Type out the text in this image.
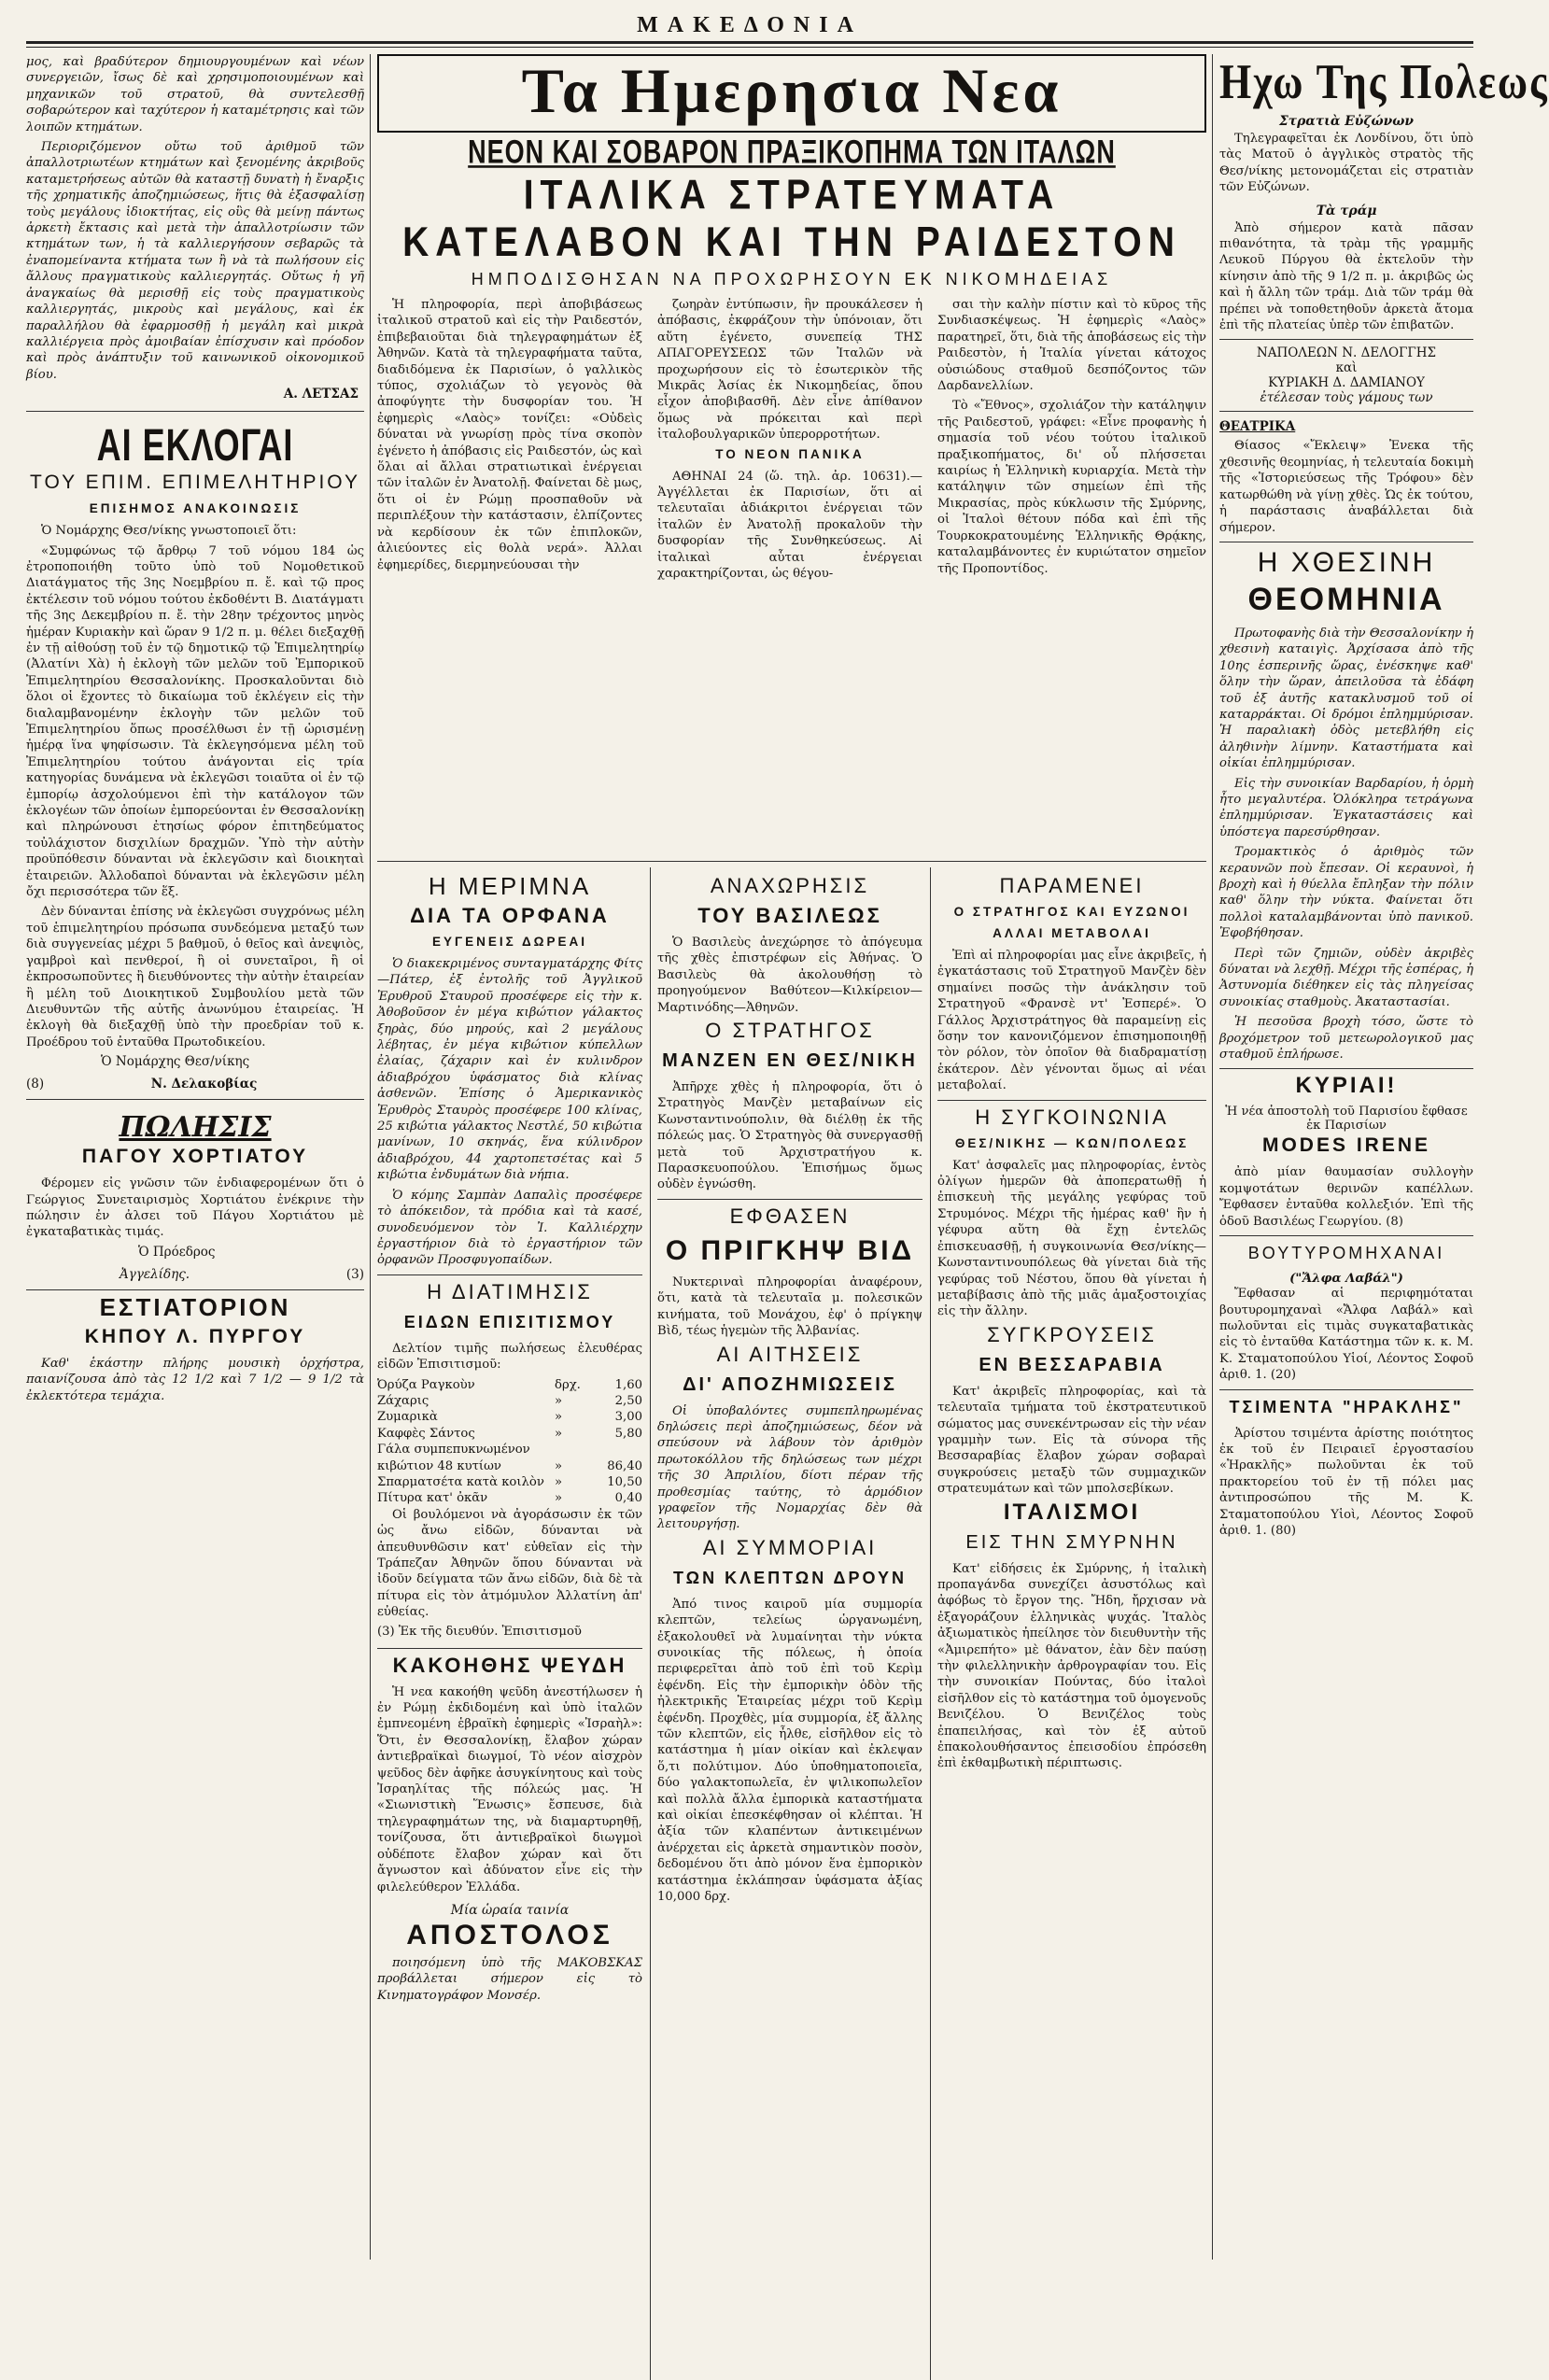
ΜΑΚΕΔΟΝΙΑ

μος, καὶ βραδύτερον δημιουργουμένων καὶ νέων συνεργειῶν, ἴσως δὲ καὶ χρησιμοποιουμένων καὶ μηχανικῶν τοῦ στρατοῦ, θὰ συντελεσθῇ σοβαρώτερον καὶ ταχύτερον ἡ καταμέτρησις καὶ τῶν λοιπῶν κτημάτων.

Περιοριζόμενον οὕτω τοῦ ἀριθμοῦ τῶν ἀπαλλοτριωτέων κτημάτων καὶ ξενομένης ἀκριβοῦς καταμετρήσεως αὐτῶν θὰ καταστῇ δυνατὴ ἡ ἔναρξις τῆς χρηματικῆς ἀποζημιώσεως, ἥτις θὰ ἐξασφαλίσῃ τοὺς μεγάλους ἰδιοκτήτας, εἰς οὓς θὰ μείνῃ πάντως ἀρκετὴ ἔκτασις καὶ μετὰ τὴν ἀπαλλοτρίωσιν τῶν κτημάτων των, ἡ τὰ καλλιεργήσουν σεβαρῶς τὰ ἐναπομείναντα κτήματα των ἢ νὰ τὰ πωλήσουν εἰς ἄλλους πραγματικοὺς καλλιεργητάς. Οὕτως ἡ γῆ ἀναγκαίως θὰ μερισθῇ εἰς τοὺς πραγματικοὺς καλλιεργητάς, μικροὺς καὶ μεγάλους, καὶ ἐκ παραλλήλου θὰ ἐφαρμοσθῇ ἡ μεγάλη καὶ μικρὰ καλλιέργεια πρὸς ἀμοιβαίαν ἐπίσχυσιν καὶ πρόοδον καὶ πρὸς ἀνάπτυξιν τοῦ καινωνικοῦ οἰκονομικοῦ βίου.

Α. ΛΕΤΣΑΣ
ΑΙ ΕΚΛΟΓΑΙ
ΤΟΥ ΕΠΙΜ. ΕΠΙΜΕΛΗΤΗΡΙΟΥ
ΕΠΙΣΗΜΟΣ ΑΝΑΚΟΙΝΩΣΙΣ

Ὁ Νομάρχης Θεσ/νίκης γνωστοποιεῖ ὅτι:

«Συμφώνως τῷ ἄρθρῳ 7 τοῦ νόμου 184 ὡς ἐτροποποιήθη τοῦτο ὑπὸ τοῦ Νομοθετικοῦ Διατάγματος τῆς 3ης Νοεμβρίου π. ἔ. καὶ τῷ προς ἐκτέλεσιν τοῦ νόμου τούτου ἐκδοθέντι Β. Διατάγματι τῆς 3ης Δεκεμβρίου π. ἔ. τὴν 28ην τρέχοντος μηνὸς ἡμέραν Κυριακὴν καὶ ὥραν 9 1/2 π. μ. θέλει διεξαχθῇ ἐν τῇ αἰθούσῃ τοῦ ἐν τῷ δημοτικῷ τῷ Ἐπιμελητηρίῳ (Ἀλατίνι Χὰ) ἡ ἐκλογὴ τῶν μελῶν τοῦ Ἐμπορικοῦ Ἐπιμελητηρίου Θεσσαλονίκης. Προσκαλοῦνται διὸ ὅλοι οἱ ἔχοντες τὸ δικαίωμα τοῦ ἐκλέγειν εἰς τὴν διαλαμβανομένην ἐκλογὴν τῶν μελῶν τοῦ Ἐπιμελητηρίου ὅπως προσέλθωσι ἐν τῇ ὡρισμένῃ ἡμέρᾳ ἵνα ψηφίσωσιν. Τὰ ἐκλεγησόμενα μέλη τοῦ Ἐπιμελητηρίου τούτου ἀνάγονται εἰς τρία κατηγορίας δυνάμενα νὰ ἐκλεγῶσι τοιαῦτα οἱ ἐν τῷ ἐμπορίῳ ἀσχολούμενοι ἐπὶ τὴν κατάλογον τῶν ἐκλογέων τῶν ὁποίων ἐμπορεύονται ἐν Θεσσαλονίκῃ καὶ πληρώνουσι ἐτησίως φόρον ἐπιτηδεύματος τοὐλάχιστον δισχιλίων δραχμῶν. Ὑπὸ τὴν αὐτὴν προϋπόθεσιν δύνανται νὰ ἐκλεγῶσιν καὶ διοικηταὶ ἑταιρειῶν. Ἀλλοδαποὶ δύνανται νὰ ἐκλεγῶσιν μέλη ὄχι περισσότερα τῶν ἕξ.

Δὲν δύνανται ἐπίσης νὰ ἐκλεγῶσι συγχρόνως μέλη τοῦ ἑπιμελητηρίου πρόσωπα συνδεόμενα μεταξύ των διὰ συγγενείας μέχρι 5 βαθμοῦ, ὁ θεῖος καὶ ἀνεψιὸς, γαμβροὶ καὶ πενθεροί, ἢ οἱ συνεταῖροι, ἢ οἱ ἐκπροσωποῦντες ἢ διευθύνοντες τὴν αὐτὴν ἑταιρείαν ἢ μέλη τοῦ Διοικητικοῦ Συμβουλίου μετὰ τῶν Διευθυντῶν τῆς αὐτῆς ἀνωνύμου ἑταιρείας. Ἡ ἐκλογὴ θὰ διεξαχθῇ ὑπὸ τὴν προεδρίαν τοῦ κ. Προέδρου τοῦ ἐνταῦθα Πρωτοδικείου.

Ὁ Νομάρχης Θεσ/νίκης
(8)	Ν. Δελακοβίας
ΠΩΛΗΣΙΣ
ΠΑΓΟΥ ΧΟΡΤΙΑΤΟΥ

Φέρομεν εἰς γνῶσιν τῶν ἐνδιαφερομένων ὅτι ὁ Γεώργιος Συνεταιρισμὸς Χορτιάτου ἐνέκρινε τὴν πώλησιν ἐν ἀλσει τοῦ Πάγου Χορτιάτου μὲ ἐγκαταβατικὰς τιμάς.

Ὁ Πρόεδρος
Ἀγγελίδης.	(3)
ΕΣΤΙΑΤΟΡΙΟΝ
ΚΗΠΟΥ Λ. ΠΥΡΓΟΥ

Καθ' ἑκάστην πλήρης μουσικὴ ὀρχήστρα, παιανίζουσα ἀπὸ τὰς 12 1/2 καὶ 7 1/2 — 9 1/2 τὰ ἐκλεκτότερα τεμάχια.

Τα Ημερησια Νεα
ΝΕΟΝ ΚΑΙ ΣΟΒΑΡΟΝ ΠΡΑΞΙΚΟΠΗΜΑ ΤΩΝ ΙΤΑΛΩΝ
ΙΤΑΛΙΚΑ ΣΤΡΑΤΕΥΜΑΤΑ ΚΑΤΕΛΑΒΟΝ ΚΑΙ ΤΗΝ ΡΑΙΔΕΣΤΟΝ
ΗΜΠΟΔΙΣΘΗΣΑΝ ΝΑ ΠΡΟΧΩΡΗΣΟΥΝ ΕΚ ΝΙΚΟΜΗΔΕΙΑΣ

Ἡ πληροφορία, περὶ ἀποβιβάσεως ἰταλικοῦ στρατοῦ καὶ εἰς τὴν Ραιδεστόν, ἐπιβεβαιοῦται διὰ τηλεγραφημάτων ἐξ Ἀθηνῶν. Κατὰ τὰ τηλεγραφήματα ταῦτα, διαδιδόμενα ἐκ Παρισίων, ὁ γαλλικὸς τύπος, σχολιάζων τὸ γεγονὸς θὰ ἀποφύγητε τὴν δυσφορίαν του. Ἡ ἐφημερὶς «Λαὸς» τονίζει: «Οὐδεὶς δύναται νὰ γνωρίσῃ πρὸς τίνα σκοπὸν ἐγένετο ἡ ἀπόβασις εἰς Ραιδεστόν, ὡς καὶ ὅλαι αἱ ἄλλαι στρατιωτικαὶ ἐνέργειαι τῶν ἰταλῶν ἐν Ἀνατολῇ. Φαίνεται δὲ μως, ὅτι οἱ ἐν Ρώμῃ προσπαθοῦν νὰ περιπλέξουν τὴν κατάστασιν, ἐλπίζοντες νὰ κερδίσουν ἐκ τῶν ἐπιπλοκῶν, ἀλιεύοντες εἰς θολὰ νερά». Ἀλλαι ἐφημερίδες, διερμηνεύουσαι τὴν

ζωηρὰν ἐντύπωσιν, ἣν προυκάλεσεν ἡ ἀπόβασις, ἐκφράζουν τὴν ὑπόνοιαν, ὅτι αὕτη ἐγένετο, συνεπείᾳ ΤΗΣ ΑΠΑΓΟΡΕΥΣΕΩΣ τῶν Ἰταλῶν νὰ προχωρήσουν εἰς τὸ ἐσωτερικὸν τῆς Μικρᾶς Ἀσίας ἐκ Νικομηδείας, ὅπου εἶχον ἀποβιβασθῆ. Δὲν εἶνε ἀπίθανον ὅμως νὰ πρόκειται καὶ περὶ ἰταλοβουλγαρικῶν ὑπερορροτήτων.

ΤΟ ΝΕΟΝ ΠΑΝΙΚΑ

ΑΘΗΝΑΙ 24 (ὥ. τηλ. ἀρ. 10631).— Ἀγγέλλεται ἐκ Παρισίων, ὅτι αἱ τελευταῖαι ἀδιάκριτοι ἐνέργειαι τῶν ἰταλῶν ἐν Ἀνατολῇ προκαλοῦν τὴν δυσφορίαν τῆς Συνθηκεύσεως. Αἱ ἰταλικαὶ αὗται ἐνέργειαι χαρακτηρίζονται, ὡς θέγου-

σαι τὴν καλὴν πίστιν καὶ τὸ κῦρος τῆς Συνδιασκέψεως. Ἡ ἐφημερὶς «Λαὸς» παρατηρεῖ, ὅτι, διὰ τῆς ἀποβάσεως εἰς τὴν Ραιδεστὸν, ἡ Ἰταλία γίνεται κάτοχος οὐσιώδους σταθμοῦ δεσπόζοντος τῶν Δαρδανελλίων.

Τὸ «Ἔθνος», σχολιάζον τὴν κατάληψιν τῆς Ραιδεστοῦ, γράφει: «Εἶνε προφανὴς ἡ σημασία τοῦ νέου τούτου ἰταλικοῦ πραξικοπήματος, δι' οὗ πλήσσεται καιρίως ἡ Ἑλληνικὴ κυριαρχία. Μετὰ τὴν κατάληψιν τῶν σημείων ἐπὶ τῆς Μικρασίας, πρὸς κύκλωσιν τῆς Σμύρνης, οἱ Ἰταλοὶ θέτουν πόδα καὶ ἐπὶ τῆς Τουρκοκρατουμένης Ἑλληνικῆς Θρᾴκης, καταλαμβάνοντες ἐν κυριώτατον σημεῖον τῆς Προποντίδος.

Η ΜΕΡΙΜΝΑ
ΔΙΑ ΤΑ ΟΡΦΑΝΑ
ΕΥΓΕΝΕΙΣ ΔΩΡΕΑΙ

Ὁ διακεκριμένος συνταγματάρχης Φίτς—Πάτερ, ἐξ ἐντολῆς τοῦ Ἀγγλικοῦ Ἐρυθροῦ Σταυροῦ προσέφερε εἰς τὴν κ. Ἀθοβοῦσον ἐν μέγα κιβώτιον γάλακτος ξηρὰς, δύο μηρούς, καὶ 2 μεγάλους λέβητας, ἐν μέγα κιβώτιον κύπελλων ἐλαίας, ζάχαριν καὶ ἐν κυλινδρον ἀδιαβρόχου ὑφάσματος διὰ κλίνας ἀσθενῶν. Ἐπίσης ὁ Ἀμερικανικὸς Ἐρυθρὸς Σταυρὸς προσέφερε 100 κλίνας, 25 κιβώτια γάλακτος Νεστλέ, 50 κιβώτια μανίνων, 10 σκηνάς, ἕνα κύλινδρον ἀδιαβρόχου, 44 χαρτοπετσέτας καὶ 5 κιβώτια ἐνδυμάτων διὰ νήπια.

Ὁ κόμης Σαμπὰν Δαπαλὶς προσέφερε τὸ ἀπόκειδον, τὰ πρόδια καὶ τὰ κασέ, συνοδευόμενον τὸν Ἰ. Καλλιέρχην ἐργαστήριον διὰ τὸ ἐργαστήριον τῶν ὀρφανῶν Προσφυγοπαίδων.

Η ΔΙΑΤΙΜΗΣΙΣ
ΕΙΔΩΝ ΕΠΙΣΙΤΙΣΜΟΥ

Δελτίον τιμῆς πωλήσεως ἐλευθέρας εἰδῶν Ἐπισιτισμοῦ:

Ὀρύζα Ραγκοὺν	δρχ.	1,60
Ζάχαρις	»	2,50
Ζυμαρικὰ	»	3,00
Καφφὲς Σάντος	»	5,80
Γάλα συμπεπυκνωμένον
κιβώτιον 48 κυτίων	»	86,40
Σπαρματσέτα κατὰ κοιλὸν »	10,50
Πίτυρα κατ' ὀκᾶν	»	0,40

Οἱ βουλόμενοι νὰ ἀγοράσωσιν ἐκ τῶν ὡς ἄνω εἰδῶν, δύνανται νὰ ἀπευθυνθῶσιν κατ' εὐθεῖαν εἰς τὴν Τράπεζαν Ἀθηνῶν ὅπου δύνανται νὰ ἰδοῦν δείγματα τῶν ἄνω εἰδῶν, διὰ δὲ τὰ πίτυρα εἰς τὸν ἀτμόμυλον Ἀλλατίνη ἀπ' εὐθείας.

(3) Ἐκ τῆς διευθύν. Ἐπισιτισμοῦ
ΚΑΚΟΗΘΗΣ ΨΕΥΔΗ

Ἡ νεα κακοήθη ψεῦδη ἀνεστήλωσεν ἡ ἐν Ρώμῃ ἐκδιδομένη καὶ ὑπὸ ἰταλῶν ἐμπνεομένη ἑβραϊκὴ ἐφημερὶς «Ἰσραὴλ»: Ὅτι, ἐν Θεσσαλονίκῃ, ἔλαβον χώραν ἀντιεβραϊκαὶ διωγμοί, Τὸ νέον αἰσχρὸν ψεῦδος δὲν ἀφῆκε ἀσυγκίνητους καὶ τοὺς Ἰσραηλίτας τῆς πόλεώς μας. Ἡ «Σιωνιστικὴ Ἕνωσις» ἔσπευσε, διὰ τηλεγραφημάτων της, νὰ διαμαρτυρηθῇ, τονίζουσα, ὅτι ἀντιεβραϊκοὶ διωγμοὶ οὐδέποτε ἔλαβον χώραν καὶ ὅτι ἄγνωστον καὶ ἀδύνατον εἶνε εἰς τὴν φιλελεύθερον Ἑλλάδα.

Μία ὡραία ταινία
ΑΠΟΣΤΟΛΟΣ

ποιησόμενη ὑπὸ τῆς ΜΑΚΟΒΣΚΑΣ προβάλλεται σήμερον εἰς τὸ Κινηματογράφον Μονσέρ.

ΑΝΑΧΩΡΗΣΙΣ
ΤΟΥ ΒΑΣΙΛΕΩΣ

Ὁ Βασιλεὺς ἀνεχώρησε τὸ ἀπόγευμα τῆς χθὲς ἐπιστρέφων εἰς Ἀθήνας. Ὁ Βασιλεὺς θὰ ἀκολουθήσῃ τὸ προηγούμενον Βαθύτεον—Κιλκίρειον—Μαρτινόδης—Ἀθηνῶν.

Ο ΣΤΡΑΤΗΓΟΣ
ΜΑΝΖΕΝ ΕΝ ΘΕΣ/ΝΙΚΗ

Ἀπῆρχε χθὲς ἡ πληροφορία, ὅτι ὁ Στρατηγὸς Μανζὲν μεταβαίνων εἰς Κωνσταντινούπολιν, θὰ διέλθῃ ἐκ τῆς πόλεώς μας. Ὁ Στρατηγὸς θὰ συνεργασθῇ μετὰ τοῦ Ἀρχιστρατήγου κ. Παρασκευοπούλου. Ἐπισήμως ὅμως οὐδὲν ἐγνώσθη.

ΕΦΘΑΣΕΝ
Ο ΠΡΙΓΚΗΨ ΒΙΔ

Νυκτεριναὶ πληροφορίαι ἀναφέρουν, ὅτι, κατὰ τὰ τελευταῖα μ. πολεσικῶν κινήματα, τοῦ Μονάχου, ἐφ' ὁ πρίγκηψ Βὶδ, τέως ἡγεμὼν τῆς Ἀλβανίας.

ΑΙ ΑΙΤΗΣΕΙΣ
ΔΙ' ΑΠΟΖΗΜΙΩΣΕΙΣ

Οἱ ὑποβαλόντες συμπεπληρωμένας δηλώσεις περὶ ἀποζημιώσεως, δέον νὰ σπεύσουν νὰ λάβουν τὸν ἀριθμὸν πρωτοκόλλου τῆς δηλώσεως των μέχρι τῆς 30 Ἀπριλίου, δίοτι πέραν τῆς προθεσμίας ταύτης, τὸ ἁρμόδιον γραφεῖον τῆς Νομαρχίας δὲν θὰ λειτουργήσῃ.

ΑΙ ΣΥΜΜΟΡΙΑΙ
ΤΩΝ ΚΛΕΠΤΩΝ ΔΡΟΥΝ

Ἀπό τινος καιροῦ μία συμμορία κλεπτῶν, τελείως ὡργανωμένη, ἐξακολουθεῖ νὰ λυμαίνηται τὴν νύκτα συνοικίας τῆς πόλεως, ἡ ὁποία περιφερεῖται ἀπὸ τοῦ ἐπὶ τοῦ Κερὶμ ἐφένδη. Εἰς τὴν ἐμπορικὴν ὁδὸν τῆς ἠλεκτρικῆς Ἑταιρείας μέχρι τοῦ Κερὶμ ἐφένδη. Προχθὲς, μία συμμορία, ἐξ ἄλλης τῶν κλεπτῶν, εἰς ἦλθε, εἰσῆλθον εἰς τὸ κατάστημα ἡ μίαν οἰκίαν καὶ ἐκλεψαν ὅ,τι πολύτιμον. Δύο ὑποθηματοποιεῖα, δύο γαλακτοπωλεῖα, ἐν ψιλικοπωλεῖον καὶ πολλὰ ἄλλα ἐμπορικὰ καταστήματα καὶ οἰκίαι ἐπεσκέφθησαν οἱ κλέπται. Ἡ ἀξία τῶν κλαπέντων ἀντικειμένων ἀνέρχεται εἰς ἀρκετὰ σημαντικὸν ποσὸν, δεδομένου ὅτι ἀπὸ μόνον ἕνα ἐμπορικὸν κατάστημα ἐκλάπησαν ὑφάσματα ἀξίας 10,000 δρχ.

ΠΑΡΑΜΕΝΕΙ
Ο ΣΤΡΑΤΗΓΟΣ ΚΑΙ ΕΥΖΩΝΟΙ
ΑΛΛΑΙ ΜΕΤΑΒΟΛΑΙ

Ἐπὶ αἱ πληροφορίαι μας εἶνε ἀκριβεῖς, ἡ ἐγκατάστασις τοῦ Στρατηγοῦ Μανζὲν δὲν σημαίνει ποσῶς τὴν ἀνάκλησιν τοῦ Στρατηγοῦ «Φρανσὲ ντ' Ἐσπερέ». Ὁ Γάλλος Ἀρχιστράτηγος θὰ παραμείνῃ εἰς ὅσην τον κανονιζόμενον ἐπισημοποιηθῇ τὸν ρόλον, τὸν ὁποῖον θὰ διαδραματίσῃ ἑκάτερον. Δὲν γένονται ὅμως αἱ νέαι μεταβολαί.

Η ΣΥΓΚΟΙΝΩΝΙΑ
ΘΕΣ/ΝΙΚΗΣ — ΚΩΝ/ΠΟΛΕΩΣ

Κατ' ἀσφαλεῖς μας πληροφορίας, ἐντὸς ὀλίγων ἡμερῶν θὰ ἀποπερατωθῇ ἡ ἐπισκευὴ τῆς μεγάλης γεφύρας τοῦ Στρυμόνος. Μέχρι τῆς ἡμέρας καθ' ἣν ἡ γέφυρα αὕτη θὰ ἔχῃ ἐντελῶς ἐπισκευασθῇ, ἡ συγκοινωνία Θεσ/νίκης—Κωνσταντινουπόλεως θὰ γίνεται διὰ τῆς γεφύρας τοῦ Νέστου, ὅπου θὰ γίνεται ἡ μεταβίβασις ἀπὸ τῆς μιᾶς ἁμαξοστοιχίας εἰς τὴν ἄλλην.

ΣΥΓΚΡΟΥΣΕΙΣ
ΕΝ ΒΕΣΣΑΡΑΒΙΑ

Κατ' ἀκριβεῖς πληροφορίας, καὶ τὰ τελευταῖα τμήματα τοῦ ἐκστρατευτικοῦ σώματος μας συνεκέντρωσαν εἰς τὴν νέαν γραμμὴν των. Εἰς τὰ σύνορα τῆς Βεσσαραβίας ἔλαβον χώραν σοβαραὶ συγκρούσεις μεταξὺ τῶν συμμαχικῶν στρατευμάτων καὶ τῶν μπολσεβίκων.

ΙΤΑΛΙΣΜΟΙ
ΕΙΣ ΤΗΝ ΣΜΥΡΝΗΝ

Κατ' εἰδήσεις ἐκ Σμύρνης, ἡ ἰταλικὴ προπαγάνδα συνεχίζει ἀσυστόλως καὶ ἀφόβως τὸ ἔργον της. Ἤδη, ἤρχισαν νὰ ἐξαγοράζουν ἑλληνικὰς ψυχάς. Ἰταλὸς ἀξιωματικὸς ἠπείλησε τὸν διευθυντὴν τῆς «Ἀμιρεπήτο» μὲ θάνατον, ἐὰν δὲν παύσῃ τὴν φιλελληνικὴν ἀρθρογραφίαν του. Εἰς τὴν συνοικίαν Πούντας, δύο ἰταλοὶ εἰσῆλθον εἰς τὸ κατάστημα τοῦ ὁμογενοῦς Βενιζέλου. Ὁ Βενιζέλος τοὺς ἐπαπειλήσας, καὶ τὸν ἐξ αὐτοῦ ἐπακολουθήσαντος ἐπεισοδίου ἐπρόσεθη ἐπὶ ἐκθαμβωτικὴ πέριπτωσις.

Ηχω Της Πολεως
Στρατιὰ Εὐζώνων

Τηλεγραφεῖται ἐκ Λονδίνου, ὅτι ὑπὸ τὰς Ματοῦ ὁ ἀγγλικὸς στρατὸς τῆς Θεσ/νίκης μετονομάζεται εἰς στρατιὰν τῶν Εὐζώνων.

Τὰ τράμ

Ἀπὸ σήμερον κατὰ πᾶσαν πιθανότητα, τὰ τρὰμ τῆς γραμμῆς Λευκοῦ Πύργου θὰ ἐκτελοῦν τὴν κίνησιν ἀπὸ τῆς 9 1/2 π. μ. ἀκριβῶς ὡς καὶ ἡ ἄλλη τῶν τράμ. Διὰ τῶν τράμ θὰ πρέπει νὰ τοποθετηθοῦν ἀρκετὰ ἄτομα ἐπὶ τῆς πλατείας ὑπὲρ τῶν ἐπιβατῶν.

ΝΑΠΟΛΕΩΝ Ν. ΔΕΛΟΓΓΗΣ
καὶ
ΚΥΡΙΑΚΗ Δ. ΔΑΜΙΑΝΟΥ
ἐτέλεσαν τοὺς γάμους των
ΘΕΑΤΡΙΚΑ

Θίασος «Ἔκλειψ» Ἐνεκα τῆς χθεσινῆς θεομηνίας, ἡ τελευταία δοκιμὴ τῆς «Ἱστοριεύσεως τῆς Τρόφου» δὲν κατωρθώθη νὰ γίνῃ χθὲς. Ὡς ἐκ τούτου, ἡ παράστασις ἀναβάλλεται διὰ σήμερον.

Η ΧΘΕΣΙΝΗ
ΘΕΟΜΗΝΙΑ

Πρωτοφανὴς διὰ τὴν Θεσσαλονίκην ἡ χθεσινὴ καταιγὶς. Ἀρχίσασα ἀπὸ τῆς 10ης ἑσπερινῆς ὥρας, ἐνέσκηψε καθ' ὅλην τὴν ὥραν, ἀπειλοῦσα τὰ ἐδάφη τοῦ ἐξ ἀυτῆς κατακλυσμοῦ τοῦ οἱ καταρράκται. Οἱ δρόμοι ἐπλημμύρισαν. Ἡ παραλιακὴ ὁδὸς μετεβλήθη εἰς ἀληθινὴν λίμνην. Καταστήματα καὶ οἰκίαι ἐπλημμύρισαν.

Εἰς τὴν συνοικίαν Βαρδαρίου, ἡ ὁρμὴ ἦτο μεγαλυτέρα. Ὁλόκληρα τετράγωνα ἐπλημμύρισαν. Ἐγκαταστάσεις καὶ ὑπόστεγα παρεσύρθησαν.

Τρομακτικὸς ὁ ἀριθμὸς τῶν κεραυνῶν ποὺ ἔπεσαν. Οἱ κεραυνοὶ, ἡ βροχὴ καὶ ἡ θύελλα ἔπληξαν τὴν πόλιν καθ' ὅλην τὴν νύκτα. Φαίνεται ὅτι πολλοὶ καταλαμβάνονται ὑπὸ πανικοῦ. Ἐφοβήθησαν.

Περὶ τῶν ζημιῶν, οὐδὲν ἀκριβὲς δύναται νὰ λεχθῇ. Μέχρι τῆς ἑσπέρας, ἡ Ἀστυνομία διέθηκεν εἰς τὰς πληγείσας συνοικίας σταθμοὺς. Ἀκαταστασίαι.

Ἡ πεσοῦσα βροχὴ τόσο, ὥστε τὸ βροχόμετρον τοῦ μετεωρολογικοῦ μας σταθμοῦ ἐπλήρωσε.

ΚΥΡΙΑΙ!
Ἡ νέα ἀποστολὴ τοῦ Παρισίου ἔφθασε ἐκ Παρισίων
MODES IRENE

ἀπὸ μίαν θαυμασίαν συλλογὴν κομψοτάτων θερινῶν καπέλλων. Ἔφθασεν ἐνταῦθα κολλεξιόν. Ἐπὶ τῆς ὁδοῦ Βασιλέως Γεωργίου. (8)

ΒΟΥΤΥΡΟΜΗΧΑΝΑΙ
("Ἄλφα Λαβάλ")

Ἔφθασαν αἱ περιφημόταται βουτυρομηχαναὶ «Ἄλφα Λαβάλ» καὶ πωλοῦνται εἰς τιμὰς συγκαταβατικὰς εἰς τὸ ἐνταῦθα Κατάστημα τῶν κ. κ. Μ. Κ. Σταματοπούλου Υἱοί, Λέοντος Σοφοῦ ἀριθ. 1. (20)

ΤΣΙΜΕΝΤΑ "ΗΡΑΚΛΗΣ"

Ἀρίστου τσιμέντα ἀρίστης ποιότητος ἐκ τοῦ ἐν Πειραιεῖ ἐργοστασίου «Ἡρακλῆς» πωλοῦνται ἐκ τοῦ πρακτορείου τοῦ ἐν τῇ πόλει μας ἀντιπροσώπου τῆς Μ. Κ. Σταματοπούλου Υἱοὶ, Λέοντος Σοφοῦ ἀριθ. 1. (80)
